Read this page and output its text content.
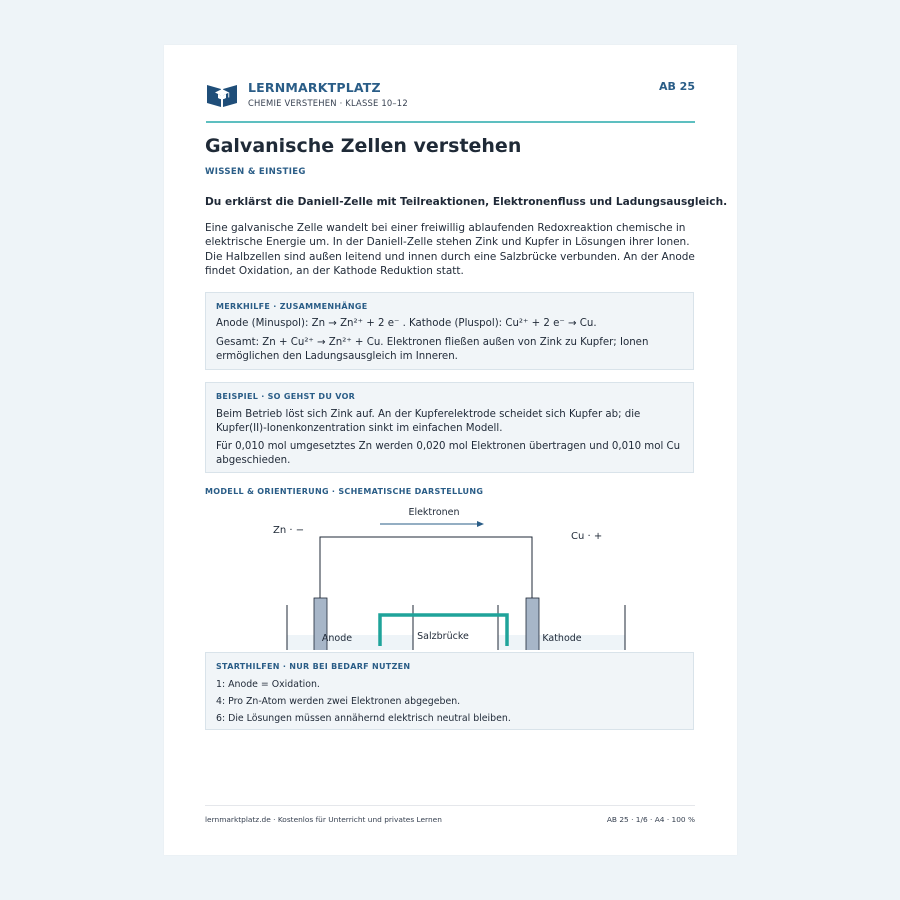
LERNMARKTPLATZ
CHEMIE VERSTEHEN · KLASSE 10–12
AB 25
Galvanische Zellen verstehen
WISSEN & EINSTIEG
Du erklärst die Daniell-Zelle mit Teilreaktionen, Elektronenfluss und Ladungsausgleich.
Eine galvanische Zelle wandelt bei einer freiwillig ablaufenden Redoxreaktion chemische in elektrische Energie um. In der Daniell-Zelle stehen Zink und Kupfer in Lösungen ihrer Ionen. Die Halbzellen sind außen leitend und innen durch eine Salzbrücke verbunden. An der Anode findet Oxidation, an der Kathode Reduktion statt.
MERKHILFE · ZUSAMMENHÄNGE
Anode (Minuspol): Zn → Zn²⁺ + 2 e⁻ . Kathode (Pluspol): Cu²⁺ + 2 e⁻ → Cu.
Gesamt: Zn + Cu²⁺ → Zn²⁺ + Cu. Elektronen fließen außen von Zink zu Kupfer; Ionen ermöglichen den Ladungsausgleich im Inneren.
BEISPIEL · SO GEHST DU VOR
Beim Betrieb löst sich Zink auf. An der Kupferelektrode scheidet sich Kupfer ab; die Kupfer(II)-Ionenkonzentration sinkt im einfachen Modell.
Für 0,010 mol umgesetztes Zn werden 0,020 mol Elektronen übertragen und 0,010 mol Cu abgeschieden.
MODELL & ORIENTIERUNG · SCHEMATISCHE DARSTELLUNG
Elektronen
Zn · −
Cu · +
Salzbrücke
Anode	Kathode
STARTHILFEN · NUR BEI BEDARF NUTZEN
1: Anode = Oxidation.
4: Pro Zn-Atom werden zwei Elektronen abgegeben.
6: Die Lösungen müssen annähernd elektrisch neutral bleiben.
lernmarktplatz.de · Kostenlos für Unterricht und privates Lernen	AB 25 · 1/6 · A4 · 100 %
